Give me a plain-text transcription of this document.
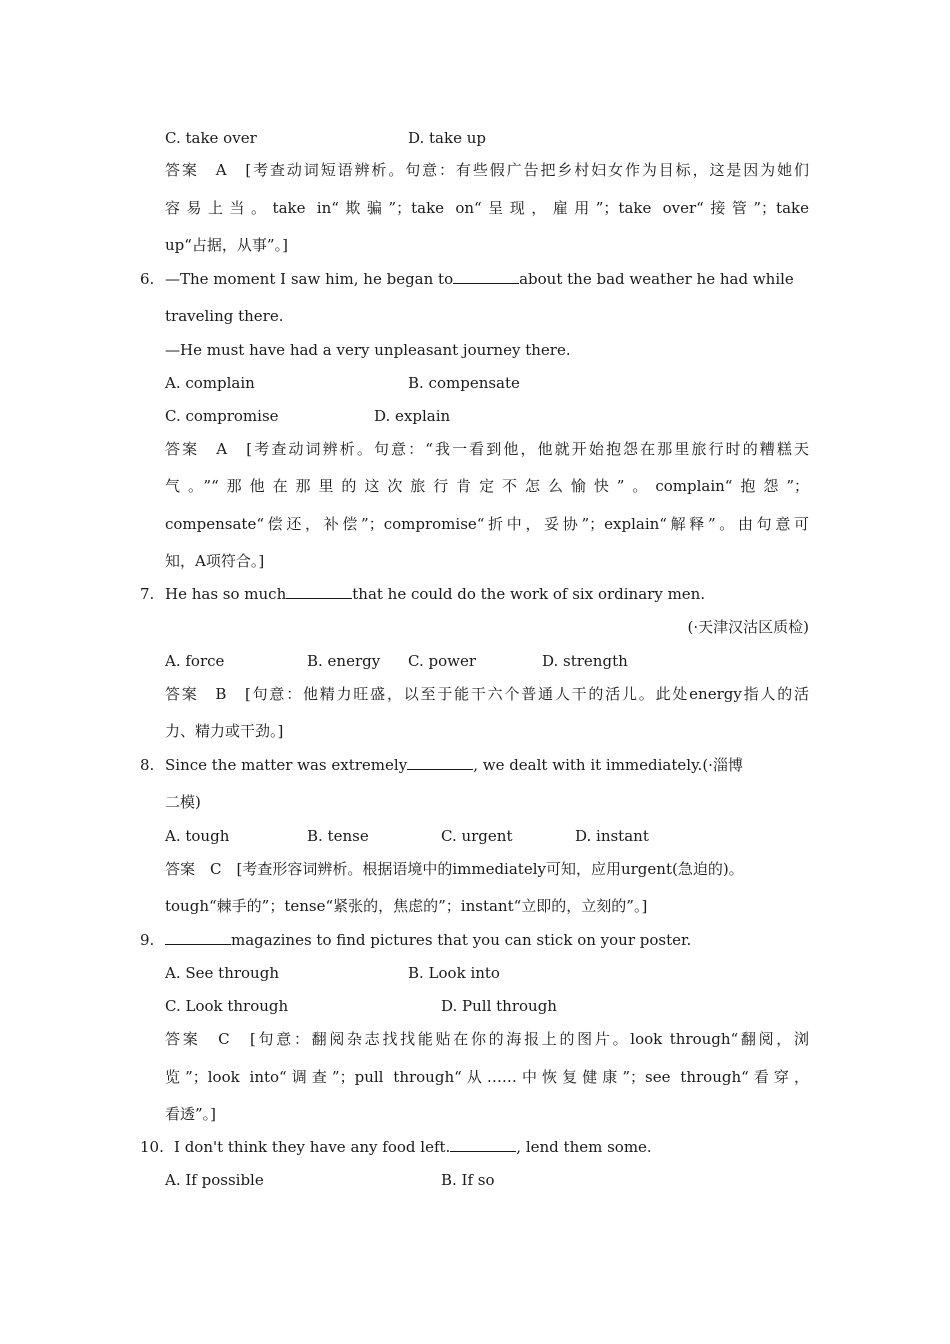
C. take over	D. take up
答案　A　[考查动词短语辨析。句意：有些假广告把乡村妇女作为目标，这是因为她们
容易上当。take in“欺骗”；take on“呈现，雇用”；take over“接管”；take
up“占据，从事”。]
6. —The moment I saw him, he began to	about the bad weather he had while
traveling there.
—He must have had a very unpleasant journey there.
A. complain	B. compensate
C. compromise	D. explain
答案　A　[考查动词辨析。句意：“我一看到他，他就开始抱怨在那里旅行时的糟糕天
气。”“那他在那里的这次旅行肯定不怎么愉快”。complain“抱怨”；
compensate“偿还，补偿”；compromise“折中，妥协”；explain“解释”。由句意可
知，A项符合。]
7. He has so much	that he could do the work of six ordinary men.
(·天津汉沽区质检)
A. force	B. energy C. power	D. strength
答案　B　[句意：他精力旺盛，以至于能干六个普通人干的活儿。此处energy指人的活
力、精力或干劲。]
8. Since the matter was extremely	, we dealt with it immediately.(·淄博
二模)
A. tough	B. tense	C. urgent	D. instant
答案　C　[考查形容词辨析。根据语境中的immediately可知，应用urgent(急迫的)。
tough“棘手的”；tense“紧张的，焦虑的”；instant“立即的，立刻的”。]
9.	magazines to find pictures that you can stick on your poster.
A. See through	B. Look into
C. Look through	D. Pull through
答案　C　[句意：翻阅杂志找找能贴在你的海报上的图片。look through“翻阅，浏
览”；look into“调查”；pull through“从……中恢复健康”；see through“看穿，
看透”。]
10. I don't think they have any food left.	, lend them some.
A. If possible	B. If so
